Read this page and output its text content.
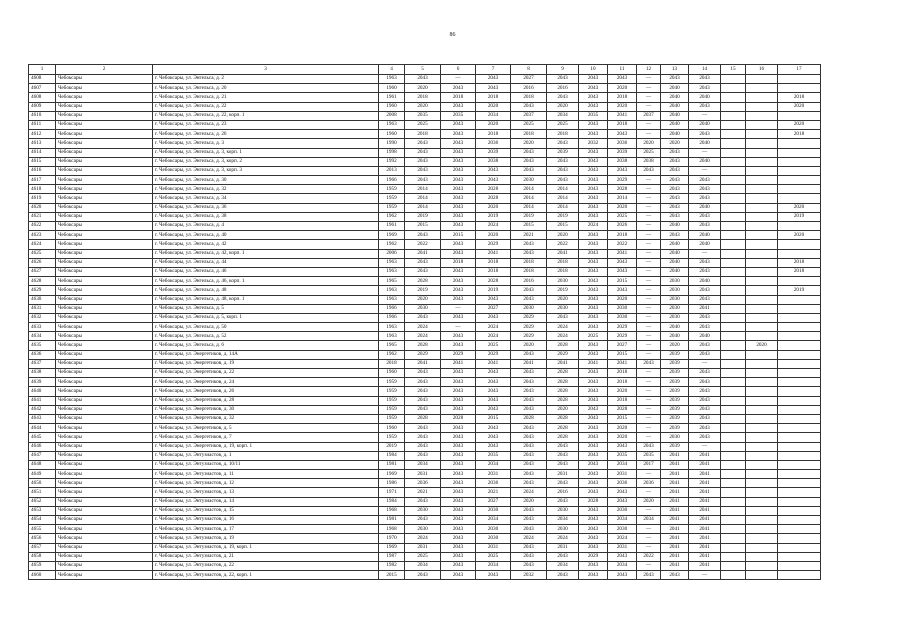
86
1	2	3	4	5	6	7	8	9	10	11	12	13	14	15	16	17
4608	Чебоксары	г. Чебоксары, ул. Энгельса, д. 2	1963	2043	—	2043	2027	2043	2043	2043	—	2043	2043			
4607	Чебоксары	г. Чебоксары, ул. Энгельса, д. 20	1960	2020	2043	2043	2016	2016	2043	2020	—	2040	2043			
4608	Чебоксары	г. Чебоксары, ул. Энгельса, д. 21	1961	2018	2018	2018	2018	2043	2043	2018	—	2040	2040			2018
4609	Чебоксары	г. Чебоксары, ул. Энгельса, д. 22	1960	2020	2043	2020	2043	2020	2043	2020	—	2040	2043			2020
4610	Чебоксары	г. Чебоксары, ул. Энгельса, д. 22, корп. 1	2008	2035	2035	2034	2037	2034	2035	2041	2037	2040	—			
4611	Чебоксары	г. Чебоксары, ул. Энгельса, д. 23	1963	2025	2043	2020	2025	2025	2043	2018	—	2040	2040			2020
4612	Чебоксары	г. Чебоксары, ул. Энгельса, д. 26	1960	2018	2043	2018	2018	2018	2043	2043	—	2040	2043			2018
4613	Чебоксары	г. Чебоксары, ул. Энгельса, д. 3	1990	2043	2043	2036	2020	2043	2032	2036	2020	2020	2040			
4614	Чебоксары	г. Чебоксары, ул. Энгельса, д. 3, корп. 1	1998	2043	2043	2039	2043	2039	2043	2039	2025	2043	—			
4615	Чебоксары	г. Чебоксары, ул. Энгельса, д. 3, корп. 2	1992	2043	2043	2038	2043	2043	2043	2038	2038	2043	2040			
4616	Чебоксары	г. Чебоксары, ул. Энгельса, д. 3, корп. 3	2013	2043	2043	2043	2043	2043	2043	2043	2043	2043	—			
4617	Чебоксары	г. Чебоксары, ул. Энгельса, д. 30	1966	2043	2043	2043	2030	2043	2043	2029	—	2043	2043			
4618	Чебоксары	г. Чебоксары, ул. Энгельса, д. 32	1959	2014	2043	2028	2014	2014	2043	2028	—	2043	2043			
4619	Чебоксары	г. Чебоксары, ул. Энгельса, д. 34	1959	2014	2043	2028	2014	2014	2043	2014	—	2043	2043			
4620	Чебоксары	г. Чебоксары, ул. Энгельса, д. 36	1959	2014	2043	2020	2014	2014	2043	2020	—	2043	2040			2020
4621	Чебоксары	г. Чебоксары, ул. Энгельса, д. 38	1962	2019	2043	2019	2019	2019	2043	2025	—	2043	2043			2019
4622	Чебоксары	г. Чебоксары, ул. Энгельса, д. 4	1961	2015	2043	2024	2015	2015	2024	2026	—	2040	2043			
4623	Чебоксары	г. Чебоксары, ул. Энгельса, д. 40	1969	2043	2015	2020	2021	2020	2043	2018	—	2043	2040			2020
4624	Чебоксары	г. Чебоксары, ул. Энгельса, д. 42	1962	2022	2043	2029	2043	2022	2043	2022	—	2040	2040			
4625	Чебоксары	г. Чебоксары, ул. Энгельса, д. 42, корп. 1	2006	2041	2043	2041	2043	2041	2043	2041	—	2040	—			
4626	Чебоксары	г. Чебоксары, ул. Энгельса, д. 44	1963	2043	2018	2018	2018	2018	2043	2043	—	2040	2043			2018
4627	Чебоксары	г. Чебоксары, ул. Энгельса, д. 46	1963	2043	2043	2018	2018	2018	2043	2043	—	2040	2043			2018
4628	Чебоксары	г. Чебоксары, ул. Энгельса, д. 46, корп. 1	1965	2028	2043	2028	2016	2030	2043	2015	—	2030	2040			
4629	Чебоксары	г. Чебоксары, ул. Энгельса, д. 48	1963	2019	2043	2019	2043	2019	2043	2043	—	2030	2043			2019
4630	Чебоксары	г. Чебоксары, ул. Энгельса, д. 48, корп. 1	1963	2020	2043	2043	2043	2020	2043	2020	—	2030	2043			
4631	Чебоксары	г. Чебоксары, ул. Энгельса, д. 5	1966	2030	—	2027	2030	2030	2043	2030	—	2030	2041			
4632	Чебоксары	г. Чебоксары, ул. Энгельса, д. 5, корп. 1	1966	2043	2043	2043	2029	2043	2043	2030	—	2030	2043			
4633	Чебоксары	г. Чебоксары, ул. Энгельса, д. 50	1963	2024	—	2024	2029	2024	2043	2029	—	2040	2043			
4634	Чебоксары	г. Чебоксары, ул. Энгельса, д. 52	1963	2024	2043	2024	2029	2024	2025	2029	—	2040	2040			
4635	Чебоксары	г. Чебоксары, ул. Энгельса, д. 6	1965	2028	2043	2025	2020	2028	2043	2027	—	2020	2043		2020	
4636	Чебоксары	г. Чебоксары, ул. Энергетиков, д. 14А	1962	2029	2029	2029	2043	2029	2043	2015	—	2039	2043			
4637	Чебоксары	г. Чебоксары, ул. Энергетиков, д. 19	2018	2041	2041	2041	2041	2041	2041	2041	2043	2039	—			
4638	Чебоксары	г. Чебоксары, ул. Энергетиков, д. 22	1960	2043	2043	2043	2043	2028	2043	2018	—	2039	2043			
4639	Чебоксары	г. Чебоксары, ул. Энергетиков, д. 24	1959	2043	2043	2043	2043	2028	2043	2018	—	2039	2043			
4640	Чебоксары	г. Чебоксары, ул. Энергетиков, д. 26	1959	2043	2043	2043	2043	2028	2043	2020	—	2039	2043			
4641	Чебоксары	г. Чебоксары, ул. Энергетиков, д. 28	1959	2043	2043	2043	2043	2028	2043	2018	—	2039	2043			
4642	Чебоксары	г. Чебоксары, ул. Энергетиков, д. 30	1959	2043	2043	2043	2043	2020	2043	2028	—	2039	2043			
4643	Чебоксары	г. Чебоксары, ул. Энергетиков, д. 32	1959	2028	2028	2015	2028	2028	2043	2015	—	2039	2043			
4644	Чебоксары	г. Чебоксары, ул. Энергетиков, д. 5	1960	2043	2043	2043	2043	2028	2043	2020	—	2039	2043			
4645	Чебоксары	г. Чебоксары, ул. Энергетиков, д. 7	1959	2043	2043	2043	2043	2028	2043	2020	—	2030	2043			
4646	Чебоксары	г. Чебоксары, ул. Энергетиков, д. 19, корп. 1	2019	2043	2043	2043	2043	2043	2043	2043	2043	2039	—			
4647	Чебоксары	г. Чебоксары, ул. Энтузиастов, д. 1	1984	2043	2043	2035	2043	2043	2043	2035	2035	2041	2041			
4648	Чебоксары	г. Чебоксары, ул. Энтузиастов, д. 10/11	1981	2034	2043	2034	2043	2043	2043	2034	2017	2041	2041			
4649	Чебоксары	г. Чебоксары, ул. Энтузиастов, д. 11	1969	2031	2043	2031	2043	2031	2043	2031	—	2041	2041			
4650	Чебоксары	г. Чебоксары, ул. Энтузиастов, д. 12	1986	2036	2043	2036	2043	2043	2043	2036	2036	2041	2041			
4651	Чебоксары	г. Чебоксары, ул. Энтузиастов, д. 13	1971	2021	2043	2021	2024	2016	2043	2043	—	2041	2041			
4652	Чебоксары	г. Чебоксары, ул. Энтузиастов, д. 14	1984	2043	2043	2027	2020	2043	2028	2043	2020	2041	2041			
4653	Чебоксары	г. Чебоксары, ул. Энтузиастов, д. 15	1968	2030	2043	2030	2043	2030	2043	2030	—	2041	2041			
4654	Чебоксары	г. Чебоксары, ул. Энтузиастов, д. 16	1981	2043	2043	2034	2043	2034	2043	2034	2034	2041	2041			
4655	Чебоксары	г. Чебоксары, ул. Энтузиастов, д. 17	1968	2030	2043	2030	2043	2030	2043	2030	—	2041	2041			
4656	Чебоксары	г. Чебоксары, ул. Энтузиастов, д. 19	1970	2024	2043	2030	2024	2024	2043	2024	—	2041	2041			
4657	Чебоксары	г. Чебоксары, ул. Энтузиастов, д. 19, корп. 1	1969	2031	2043	2031	2043	2031	2043	2031	—	2041	2041			
4658	Чебоксары	г. Чебоксары, ул. Энтузиастов, д. 21	1987	2025	2043	2025	2043	2043	2029	2043	2022	2041	2041			
4659	Чебоксары	г. Чебоксары, ул. Энтузиастов, д. 22	1982	2034	2043	2034	2043	2034	2043	2034	—	2041	2041			
4660	Чебоксары	г. Чебоксары, ул. Энтузиастов, д. 22, корп. 1	2015	2043	2043	2043	2032	2043	2043	2043	2043	2043	—			
